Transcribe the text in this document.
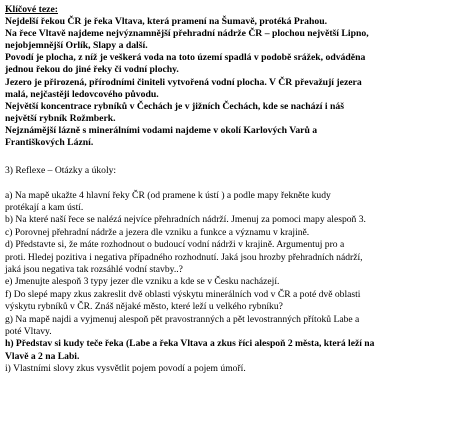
Klíčové teze:

Nejdelší řekou ČR je řeka Vltava, která pramení na Šumavě, protéká Prahou.

Na řece Vltavě najdeme nejvýznamnější přehradní nádrže ČR – plochou největší Lipno,

nejobjemnější Orlík, Slapy a další.

Povodí je plocha, z níž je veškerá voda na toto území spadlá v podobě srážek, odváděna

jednou řekou do jiné řeky či vodní plochy.

Jezero je přirozená, přírodními činiteli vytvořená vodní plocha. V ČR převažují jezera

malá, nejčastěji ledovcového původu.

Největší koncentrace rybníků v Čechách je v jižních Čechách, kde se nachází i náš

největší rybník Rožmberk.

Nejznámější lázně s minerálními vodami najdeme v okolí Karlových Varů a

Františkových Lázní.

3) Reflexe – Otázky a úkoly:

a) Na mapě ukažte 4 hlavní řeky ČR (od pramene k ústí ) a podle mapy řekněte kudy

protékají a kam ústí.

b) Na které naší řece se nalézá nejvíce přehradních nádrží. Jmenuj za pomoci mapy alespoň 3.

c) Porovnej přehradní nádrže a jezera dle vzniku a funkce a významu v krajině.

d) Představte si, že máte rozhodnout o budoucí vodní nádrži v krajině. Argumentuj pro a

proti. Hledej pozitiva i negativa případného rozhodnutí. Jaká jsou hrozby přehradních nádrží,

jaká jsou negativa tak rozsáhlé vodní stavby..?

e) Jmenujte alespoň 3 typy jezer dle vzniku a kde se v Česku nacházejí.

f) Do slepé mapy zkus zakreslit dvě oblasti výskytu minerálních vod v ČR a poté dvě oblasti

výskytu rybníků v ČR. Znáš nějaké město, které leží u velkého rybníku?

g) Na mapě najdi a vyjmenuj alespoň pět pravostranných a pět levostranných přítoků Labe a

poté Vltavy.

h) Představ si kudy teče řeka (Labe a řeka Vltava a zkus říci alespoň 2 města, která leží na

Vlavě a 2 na Labi.

i) Vlastními slovy zkus vysvětlit pojem povodí a pojem úmoří.
